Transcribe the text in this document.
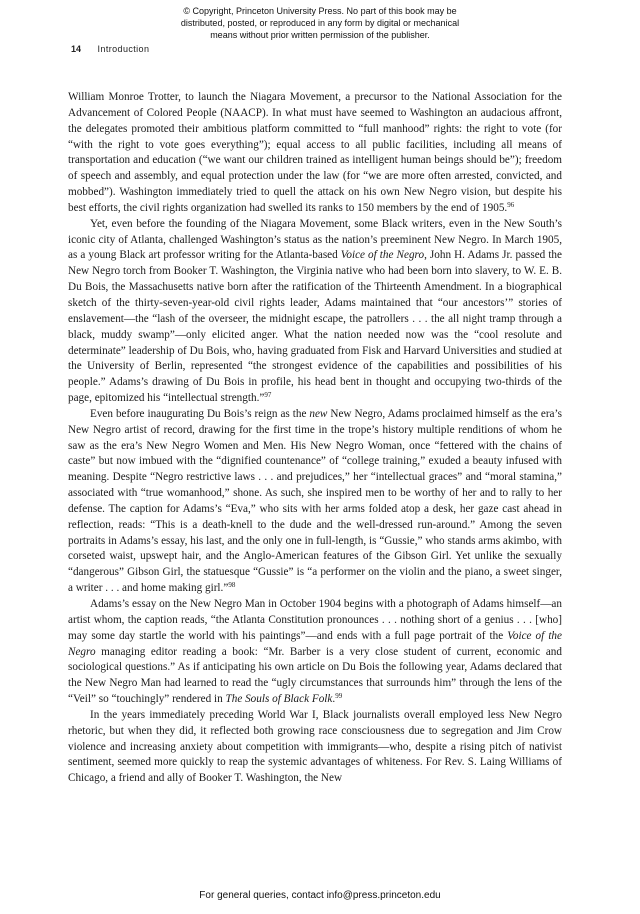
© Copyright, Princeton University Press. No part of this book may be
distributed, posted, or reproduced in any form by digital or mechanical
means without prior written permission of the publisher.
14 Introduction

William Monroe Trotter, to launch the Niagara Movement, a precursor to the National Association for the Advancement of Colored People (NAACP). In what must have seemed to Washington an audacious affront, the delegates promoted their ambitious platform committed to “full manhood” rights: the right to vote (for “with the right to vote goes everything”); equal access to all public facilities, including all means of transportation and education (“we want our children trained as intelligent human beings should be”); freedom of speech and assembly, and equal protection under the law (for “we are more often arrested, convicted, and mobbed”). Washington immediately tried to quell the attack on his own New Negro vision, but despite his best efforts, the civil rights organization had swelled its ranks to 150 members by the end of 1905.96

Yet, even before the founding of the Niagara Movement, some Black writers, even in the New South’s iconic city of Atlanta, challenged Washington’s status as the nation’s preeminent New Negro. In March 1905, as a young Black art professor writing for the Atlanta-based Voice of the Negro, John H. Adams Jr. passed the New Negro torch from Booker T. Washington, the Virginia native who had been born into slavery, to W. E. B. Du Bois, the Massachusetts native born after the ratification of the Thirteenth Amendment. In a biographical sketch of the thirty-seven-year-old civil rights leader, Adams maintained that “our ancestors’” stories of enslavement—the “lash of the overseer, the midnight escape, the patrollers . . . the all night tramp through a black, muddy swamp”—only elicited anger. What the nation needed now was the “cool resolute and determinate” leadership of Du Bois, who, having graduated from Fisk and Harvard Universities and studied at the University of Berlin, represented “the strongest evidence of the capabilities and possibilities of his people.” Adams’s drawing of Du Bois in profile, his head bent in thought and occupying two-thirds of the page, epitomized his “intellectual strength.”$^{97}$

Even before inaugurating Du Bois’s reign as the new New Negro, Adams proclaimed himself as the era’s New Negro artist of record, drawing for the first time in the trope’s history multiple renditions of whom he saw as the era’s New Negro Women and Men. His New Negro Woman, once “fettered with the chains of caste” but now imbued with the “dignified countenance” of “college training,” exuded a beauty infused with meaning. Despite “Negro restrictive laws . . . and prejudices,” her “intellectual graces” and “moral stamina,” associated with “true womanhood,” shone. As such, she inspired men to be worthy of her and to rally to her defense. The caption for Adams’s “Eva,” who sits with her arms folded atop a desk, her gaze cast ahead in reflection, reads: “This is a death-knell to the dude and the well-dressed run-around.” Among the seven portraits in Adams’s essay, his last, and the only one in full-length, is “Gussie,” who stands arms akimbo, with corseted waist, upswept hair, and the Anglo-American features of the Gibson Girl. Yet unlike the sexually “dangerous” Gibson Girl, the statuesque “Gussie” is “a performer on the violin and the piano, a sweet singer, a writer . . . and home making girl.”$^{98}$

Adams’s essay on the New Negro Man in October 1904 begins with a photograph of Adams himself—an artist whom, the caption reads, “the Atlanta Constitution pronounces . . . nothing short of a genius . . . [who] may some day startle the world with his paintings”—and ends with a full page portrait of the Voice of the Negro managing editor reading a book: “Mr. Barber is a very close student of current, economic and sociological questions.” As if anticipating his own article on Du Bois the following year, Adams declared that the New Negro Man had learned to read the “ugly circumstances that surrounds him” through the lens of the “Veil” so “touchingly” rendered in The Souls of Black Folk.$^{99}$

In the years immediately preceding World War I, Black journalists overall employed less New Negro rhetoric, but when they did, it reflected both growing race consciousness due to segregation and Jim Crow violence and increasing anxiety about competition with immigrants—who, despite a rising pitch of nativist sentiment, seemed more quickly to reap the systemic advantages of whiteness. For Rev. S. Laing Williams of Chicago, a friend and ally of Booker T. Washington, the New

For general queries, contact info@press.princeton.edu
